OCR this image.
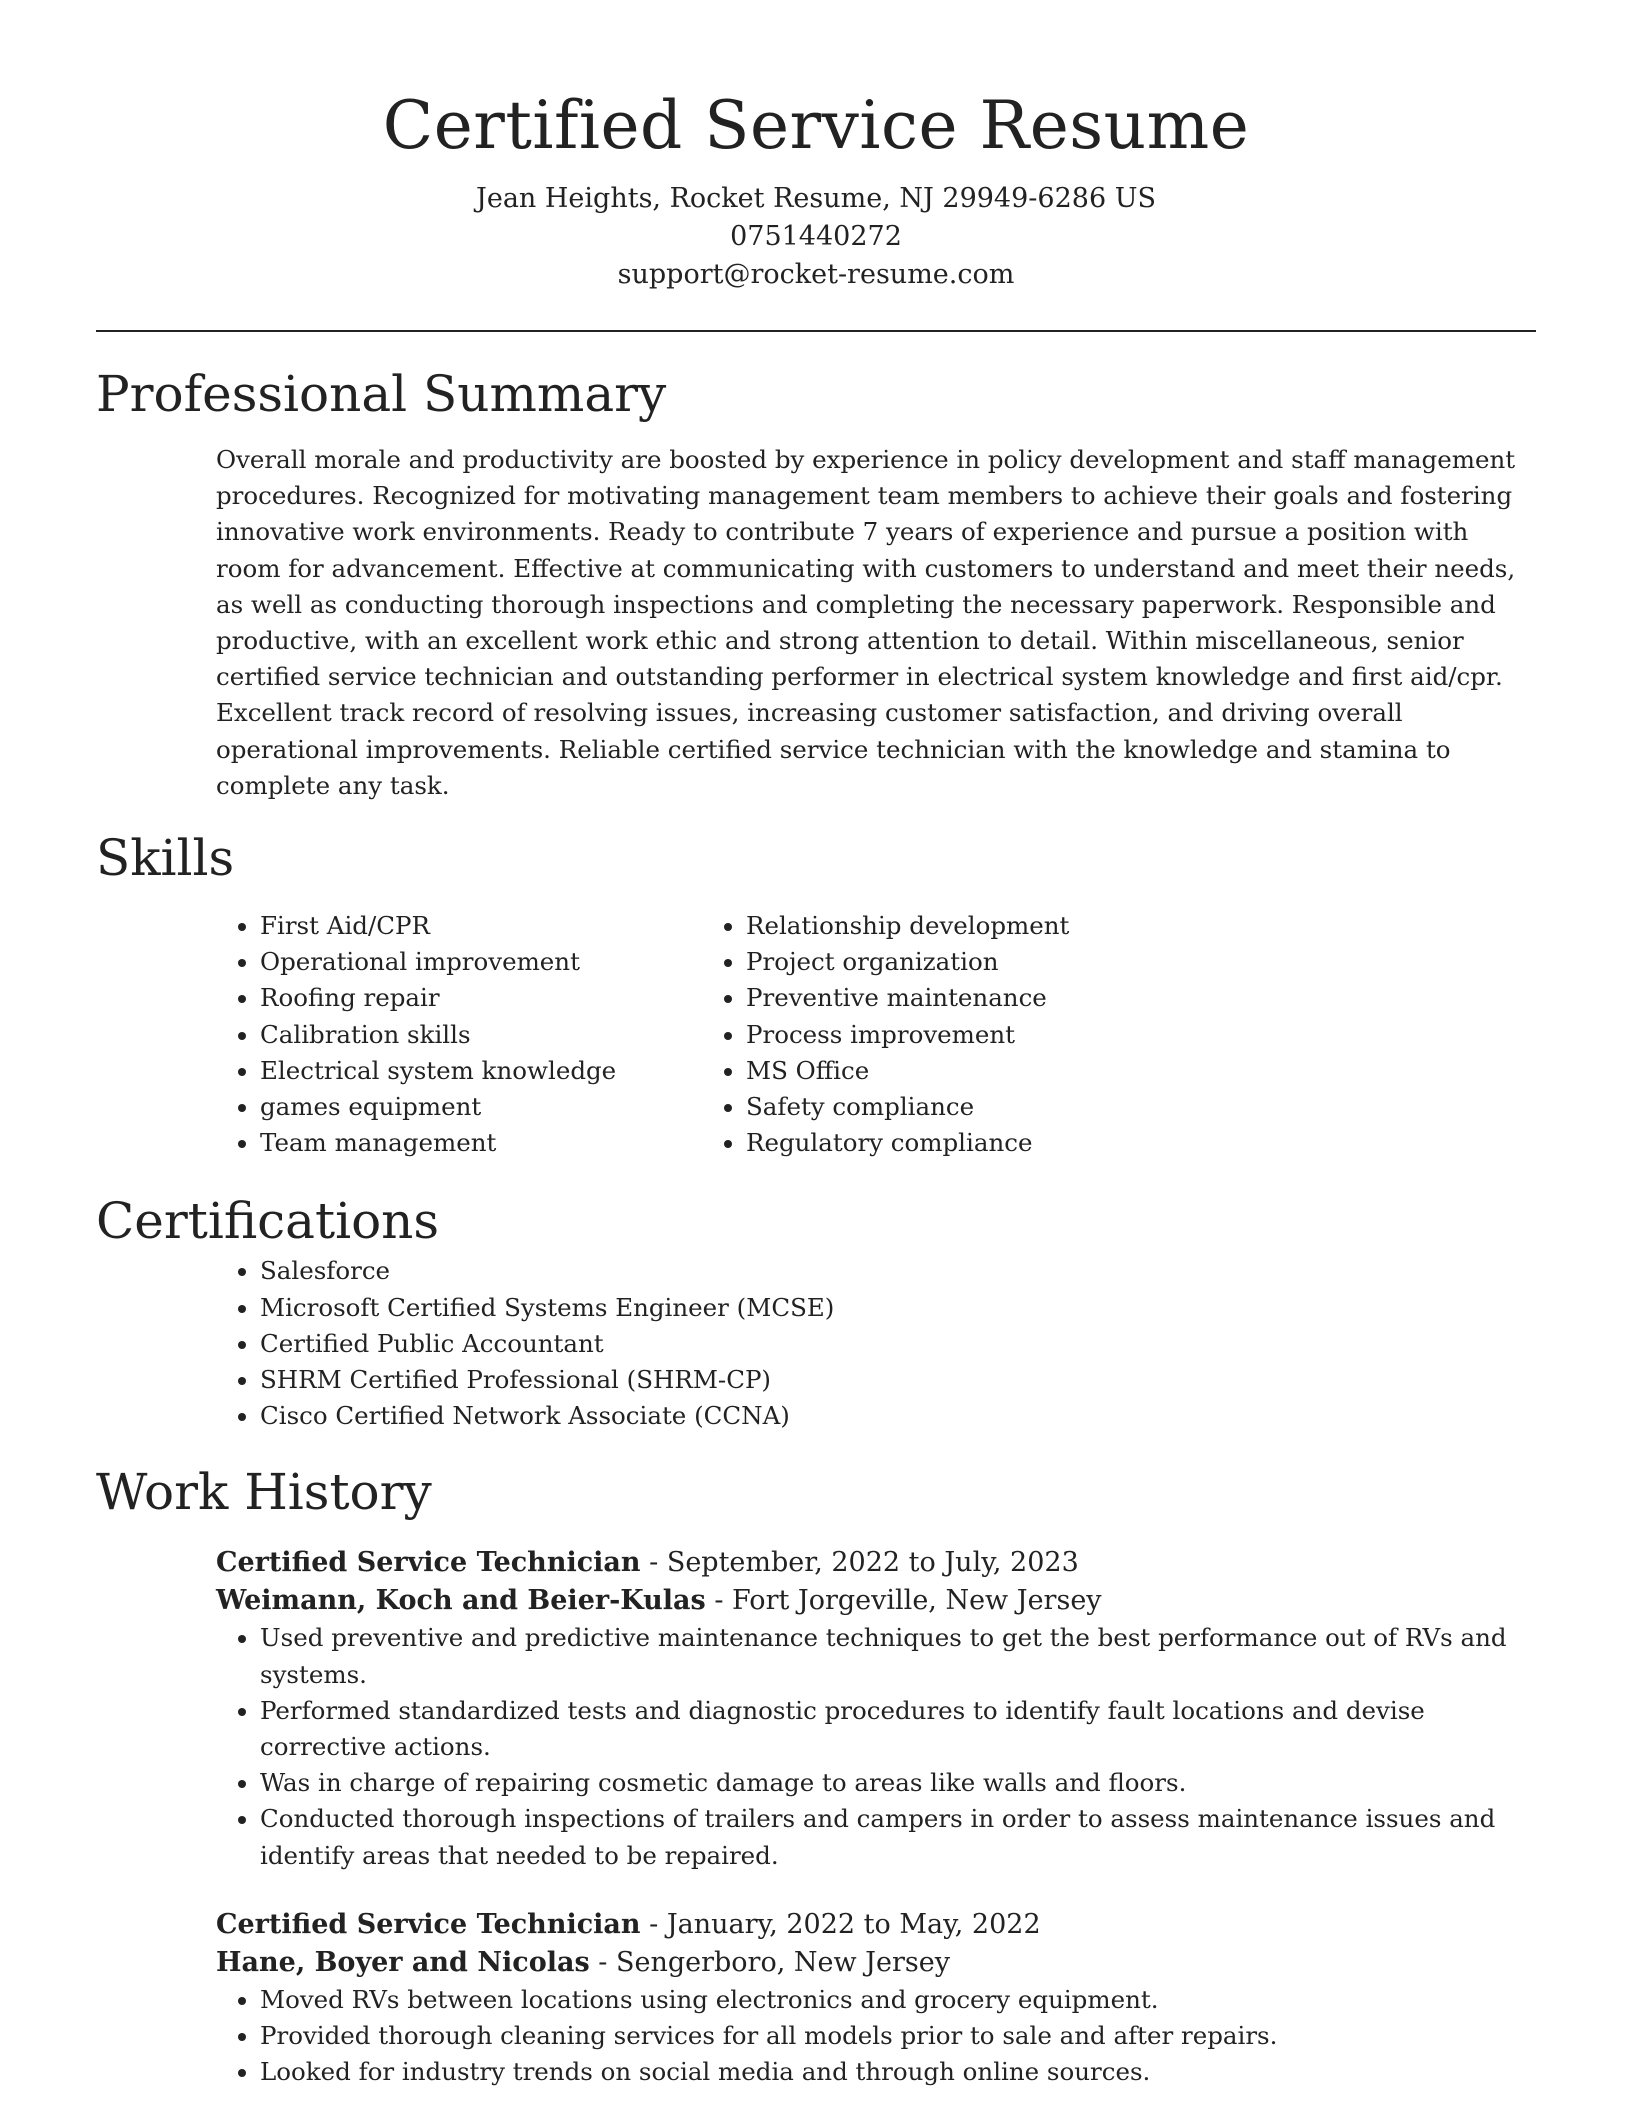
Certified Service Resume
Jean Heights, Rocket Resume, NJ 29949-6286 US
0751440272
support@rocket-resume.com
Professional Summary

Overall morale and productivity are boosted by experience in policy development and staff management procedures. Recognized for motivating management team members to achieve their goals and fostering innovative work environments. Ready to contribute 7 years of experience and pursue a position with room for advancement. Effective at communicating with customers to understand and meet their needs, as well as conducting thorough inspections and completing the necessary paperwork. Responsible and productive, with an excellent work ethic and strong attention to detail. Within miscellaneous, senior certified service technician and outstanding performer in electrical system knowledge and first aid/cpr. Excellent track record of resolving issues, increasing customer satisfaction, and driving overall operational improvements. Reliable certified service technician with the knowledge and stamina to complete any task.

Skills
• First Aid/CPR
• Operational improvement
• Roofing repair
• Calibration skills
• Electrical system knowledge
• games equipment
• Team management
• Relationship development
• Project organization
• Preventive maintenance
• Process improvement
• MS Office
• Safety compliance
• Regulatory compliance
Certifications
• Salesforce
• Microsoft Certified Systems Engineer (MCSE)
• Certified Public Accountant
• SHRM Certified Professional (SHRM-CP)
• Cisco Certified Network Associate (CCNA)
Work History
Certified Service Technician - September, 2022 to July, 2023
Weimann, Koch and Beier-Kulas - Fort Jorgeville, New Jersey
• Used preventive and predictive maintenance techniques to get the best performance out of RVs and systems.
• Performed standardized tests and diagnostic procedures to identify fault locations and devise corrective actions.
• Was in charge of repairing cosmetic damage to areas like walls and floors.
• Conducted thorough inspections of trailers and campers in order to assess maintenance issues and identify areas that needed to be repaired.
Certified Service Technician - January, 2022 to May, 2022
Hane, Boyer and Nicolas - Sengerboro, New Jersey
• Moved RVs between locations using electronics and grocery equipment.
• Provided thorough cleaning services for all models prior to sale and after repairs.
• Looked for industry trends on social media and through online sources.
